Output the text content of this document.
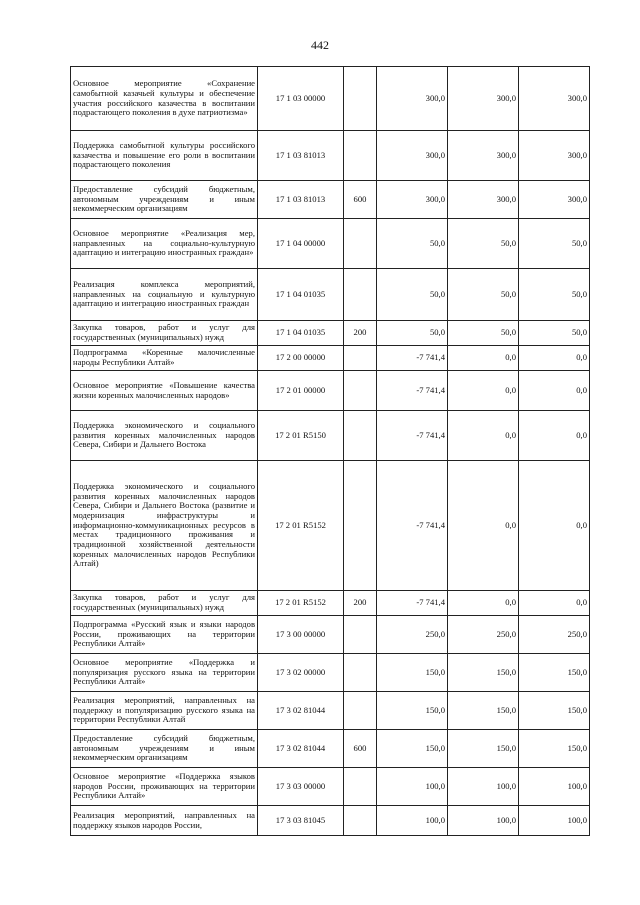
442
Основное мероприятие «Сохранение самобытной казачьей культуры и обеспечение участия российского казачества в воспитании подрастающего поколения в духе патриотизма»	17 1 03 00000		300,0	300,0	300,0
Поддержка самобытной культуры российского казачества и повышение его роли в воспитании подрастающего поколения	17 1 03 81013		300,0	300,0	300,0
Предоставление субсидий бюджетным, автономным учреждениям и иным некоммерческим организациям	17 1 03 81013	600	300,0	300,0	300,0
Основное мероприятие «Реализация мер, направленных на социально-культурную адаптацию и интеграцию иностранных граждан»	17 1 04 00000		50,0	50,0	50,0
Реализация комплекса мероприятий, направленных на социальную и культурную адаптацию и интеграцию иностранных граждан	17 1 04 01035		50,0	50,0	50,0
Закупка товаров, работ и услуг для государственных (муниципальных) нужд	17 1 04 01035	200	50,0	50,0	50,0
Подпрограмма «Коренные малочисленные народы Республики Алтай»	17 2 00 00000		-7 741,4	0,0	0,0
Основное мероприятие «Повышение качества жизни коренных малочисленных народов»	17 2 01 00000		-7 741,4	0,0	0,0
Поддержка экономического и социального развития коренных малочисленных народов Севера, Сибири и Дальнего Востока	17 2 01 R5150		-7 741,4	0,0	0,0
Поддержка экономического и социального развития коренных малочисленных народов Севера, Сибири и Дальнего Востока (развитие и модернизация инфраструктуры и информационно-коммуникационных ресурсов в местах традиционного проживания и традиционной хозяйственной деятельности коренных малочисленных народов Республики Алтай)	17 2 01 R5152		-7 741,4	0,0	0,0
Закупка товаров, работ и услуг для государственных (муниципальных) нужд	17 2 01 R5152	200	-7 741,4	0,0	0,0
Подпрограмма «Русский язык и языки народов России, проживающих на территории Республики Алтай»	17 3 00 00000		250,0	250,0	250,0
Основное мероприятие «Поддержка и популяризация русского языка на территории Республики Алтай»	17 3 02 00000		150,0	150,0	150,0
Реализация мероприятий, направленных на поддержку и популяризацию русского языка на территории Республики Алтай	17 3 02 81044		150,0	150,0	150,0
Предоставление субсидий бюджетным, автономным учреждениям и иным некоммерческим организациям	17 3 02 81044	600	150,0	150,0	150,0
Основное мероприятие «Поддержка языков народов России, проживающих на территории Республики Алтай»	17 3 03 00000		100,0	100,0	100,0
Реализация мероприятий, направленных на поддержку языков народов России,	17 3 03 81045		100,0	100,0	100,0
